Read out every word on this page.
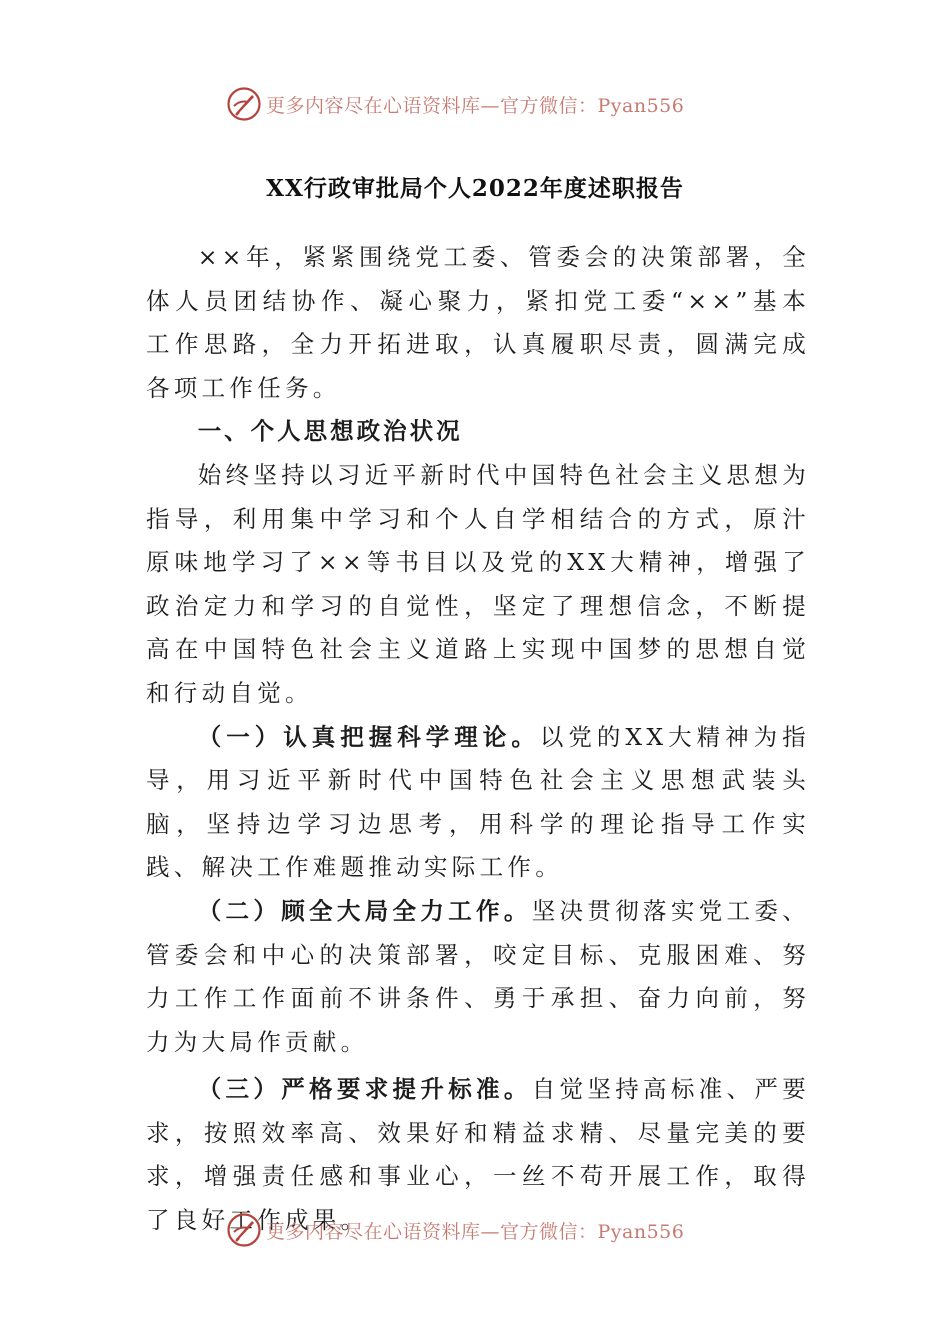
更多内容尽在心语资料库—官方微信：Pyan556
XX行政审批局个人2022年度述职报告

××年，紧紧围绕党工委、管委会的决策部署，全体人员团结协作、凝心聚力，紧扣党工委“××”基本工作思路，全力开拓进取，认真履职尽责，圆满完成各项工作任务。

一、个人思想政治状况

始终坚持以习近平新时代中国特色社会主义思想为指导，利用集中学习和个人自学相结合的方式，原汁原味地学习了××等书目以及党的XX大精神，增强了政治定力和学习的自觉性，坚定了理想信念，不断提高在中国特色社会主义道路上实现中国梦的思想自觉和行动自觉。

（一）认真把握科学理论。以党的XX大精神为指导，用习近平新时代中国特色社会主义思想武装头脑，坚持边学习边思考，用科学的理论指导工作实践、解决工作难题推动实际工作。

（二）顾全大局全力工作。坚决贯彻落实党工委、管委会和中心的决策部署，咬定目标、克服困难、努力工作工作面前不讲条件、勇于承担、奋力向前，努力为大局作贡献。

（三）严格要求提升标准。自觉坚持高标准、严要求，按照效率高、效果好和精益求精、尽量完美的要求，增强责任感和事业心，一丝不苟开展工作，取得了良好工作成果。

更多内容尽在心语资料库—官方微信：Pyan556
